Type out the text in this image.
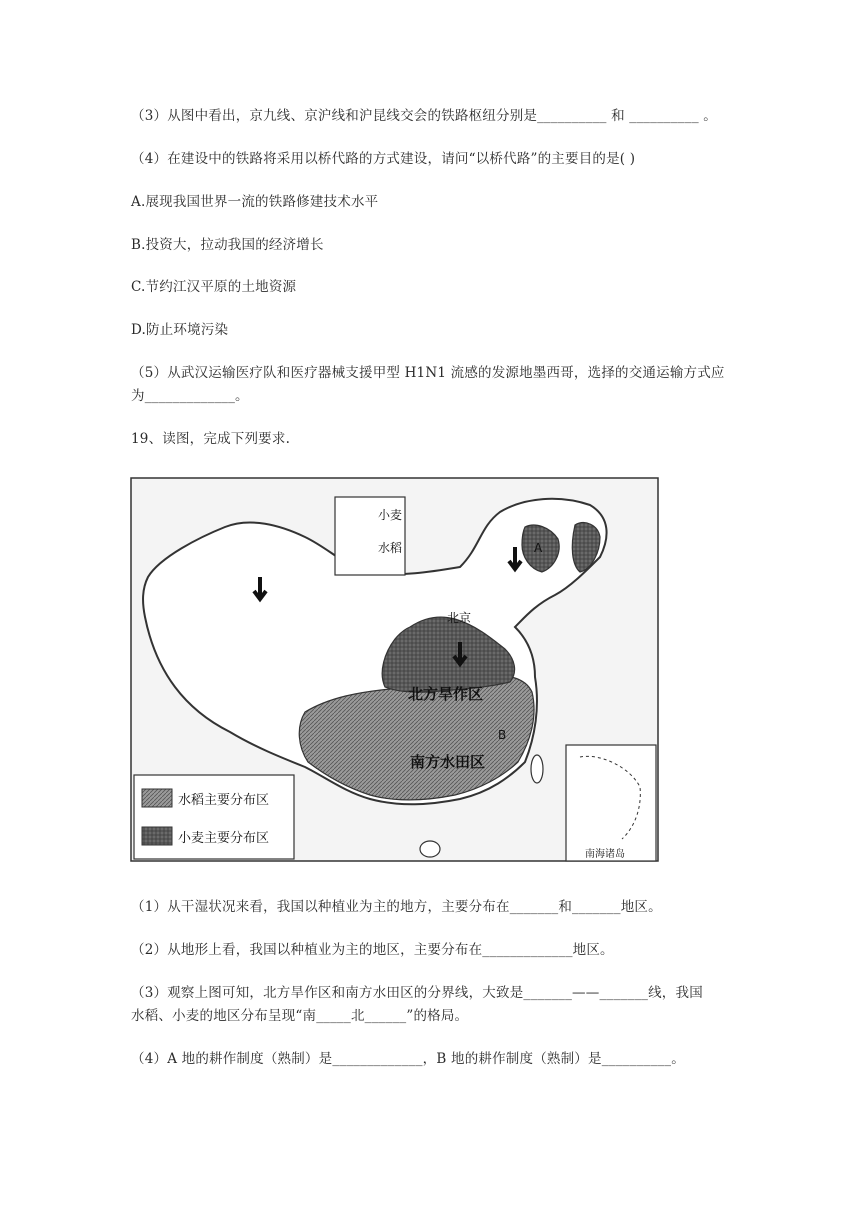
（3）从图中看出，京九线、京沪线和沪昆线交会的铁路枢纽分别是__________ 和 __________ 。
（4）在建设中的铁路将采用以桥代路的方式建设，请问“以桥代路”的主要目的是( )
A.展现我国世界一流的铁路修建技术水平
B.投资大，拉动我国的经济增长
C.节约江汉平原的土地资源
D.防止环境污染
（5）从武汉运输医疗队和医疗器械支援甲型 H1N1 流感的发源地墨西哥，选择的交通运输方式应
为_____________。
19、读图，完成下列要求.
小麦
水稻
北京
北方旱作区
南方水田区
A
B
水稻主要分布区
小麦主要分布区
南海诸岛
（1）从干湿状况来看，我国以种植业为主的地方，主要分布在_______和_______地区。
（2）从地形上看，我国以种植业为主的地区，主要分布在_____________地区。
（3）观察上图可知，北方旱作区和南方水田区的分界线，大致是_______——_______线，我国
水稻、小麦的地区分布呈现“南_____北______”的格局。
（4）A 地的耕作制度（熟制）是_____________，B 地的耕作制度（熟制）是__________。
